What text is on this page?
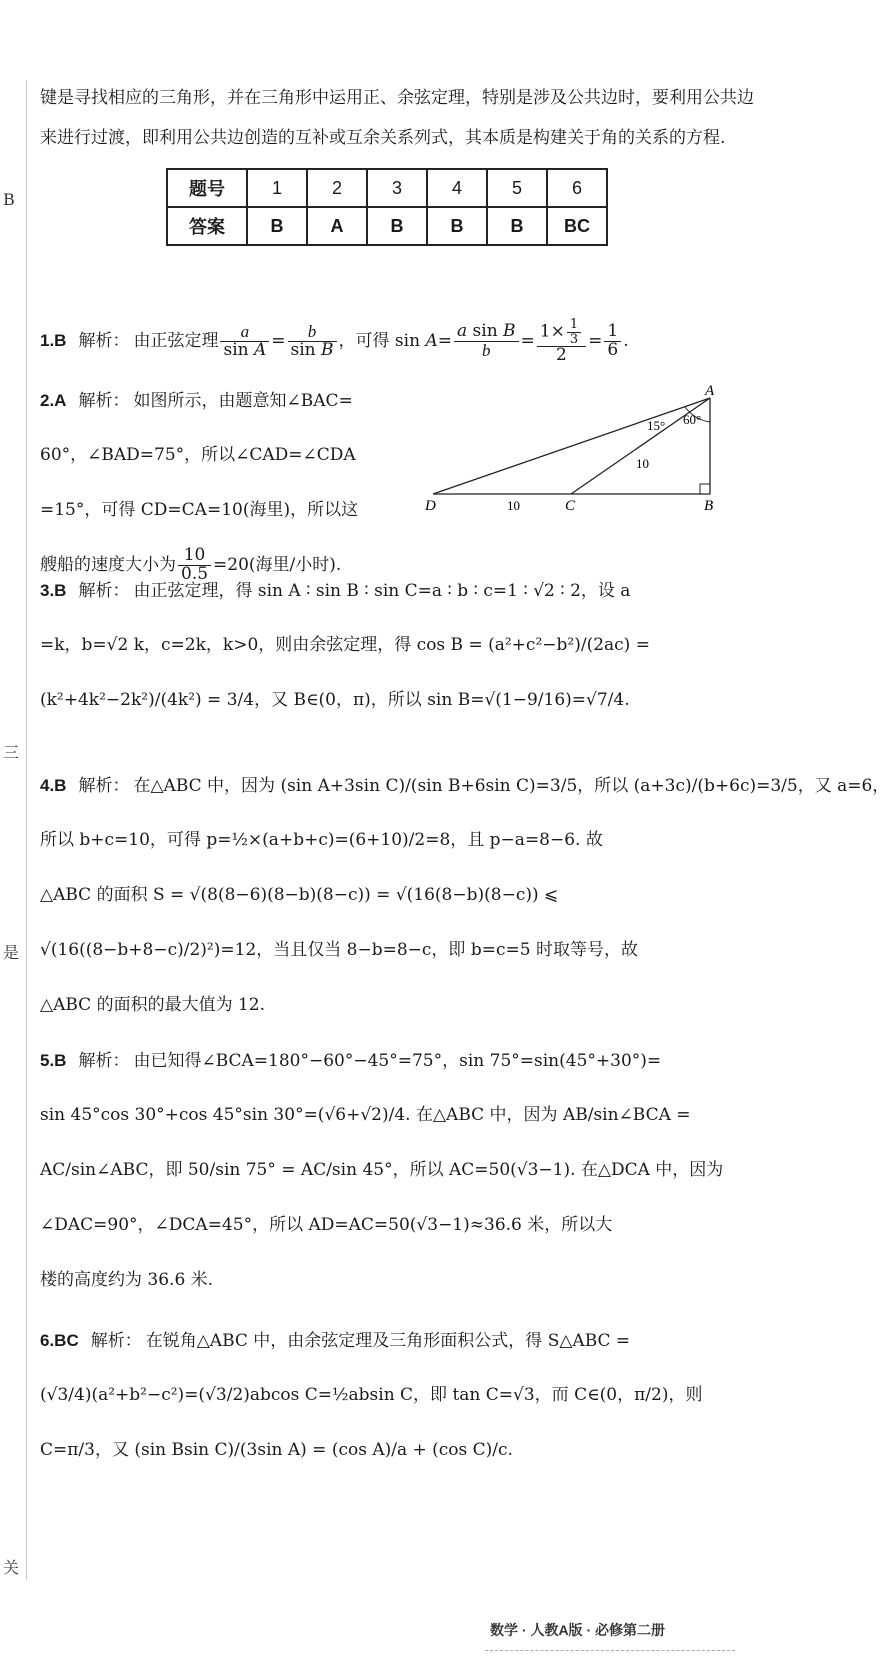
B
三
是
关

键是寻找相应的三角形，并在三角形中运用正、余弦定理，特别是涉及公共边时，要利用公共边来进行过渡，即利用公共边创造的互补或互余关系列式，其本质是构建关于角的关系的方程.

题号	1	2	3	4	5	6
答案	B	A	B	B	B	BC
1.B 解析： 由正弦定理 $\frac{a}{\text{sin A}} = \frac{b}{\text{sin B}}$ ，可得 $\sin A= \frac{\text{a sin B}}{b} = \frac{1\times \frac{1}{3}}{2} = \frac{1}{6}$ .
2.A 解析： 如图所示，由题意知∠BAC=
60°，∠BAD=75°，所以∠CAD=∠CDA
=15°，可得 CD=CA=10(海里)，所以这
艘船的速度大小为 $\frac{10}{0.5} =20$(海里/小时).
A
B
C
D
15° 60°
10
10
3.B 解析： 由正弦定理，得 sin A ∶ sin B ∶ sin C=a ∶ b ∶ c=1 ∶ √2 ∶ 2，设 a
=k，b=√2 k，c=2k，k>0，则由余弦定理，得 cos B = (a²+c²−b²)/(2ac) =
(k²+4k²−2k²)/(4k²) = 3/4，又 B∈(0，π)，所以 sin B=√(1−9/16)=√7/4.
4.B 解析： 在△ABC 中，因为 (sin A+3sin C)/(sin B+6sin C)=3/5，所以 (a+3c)/(b+6c)=3/5，又 a=6，
所以 b+c=10，可得 p=½×(a+b+c)=(6+10)/2=8，且 p−a=8−6. 故
△ABC 的面积 S = √(8(8−6)(8−b)(8−c)) = √(16(8−b)(8−c)) ⩽
√(16((8−b+8−c)/2)²)=12，当且仅当 8−b=8−c，即 b=c=5 时取等号，故
△ABC 的面积的最大值为 12.
5.B 解析： 由已知得∠BCA=180°−60°−45°=75°，sin 75°=sin(45°+30°)=
sin 45°cos 30°+cos 45°sin 30°=(√6+√2)/4. 在△ABC 中，因为 AB/sin∠BCA =
AC/sin∠ABC，即 50/sin 75° = AC/sin 45°，所以 AC=50(√3−1). 在△DCA 中，因为
∠DAC=90°，∠DCA=45°，所以 AD=AC=50(√3−1)≈36.6 米，所以大
楼的高度约为 36.6 米.
6.BC 解析： 在锐角△ABC 中，由余弦定理及三角形面积公式，得 S△ABC =
(√3/4)(a²+b²−c²)=(√3/2)abcos C=½absin C，即 tan C=√3，而 C∈(0，π/2)，则
C=π/3，又 (sin Bsin C)/(3sin A) = (cos A)/a + (cos C)/c.
数学 · 人教A版 · 必修第二册
